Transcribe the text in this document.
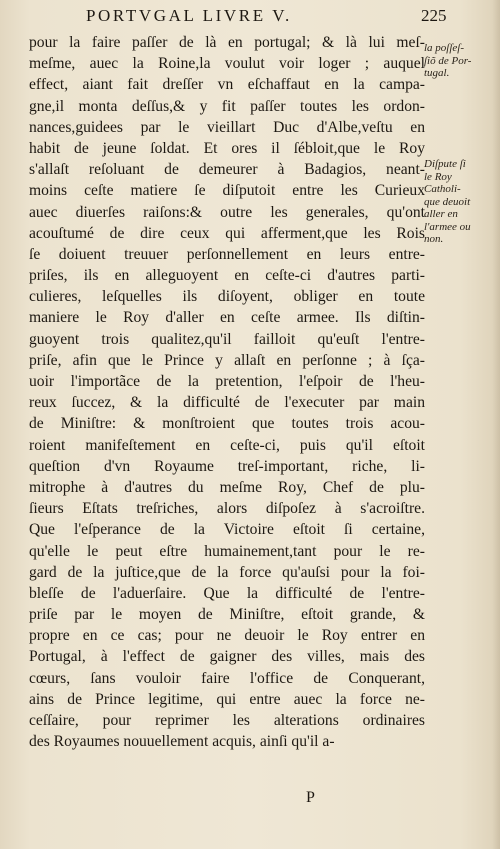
PORTVGAL LIVRE V.	225
pour la faire paſſer de là en portugal; & là lui meſ-
meſme, auec la Roine,la voulut voir loger ; auquel
effect, aiant fait dreſſer vn eſchaffaut en la campa-
gne,il monta deſſus,& y fit paſſer toutes les ordon-
nances,guidees par le vieillart Duc d'Albe,veſtu en
habit de jeune ſoldat. Et ores il ſébloit,que le Roy
s'allaſt reſoluant de demeurer à Badagios, neant-
moins ceſte matiere ſe diſputoit entre les Curieux
auec diuerſes raiſons:& outre les generales, qu'ont
acouſtumé de dire ceux qui afferment,que les Rois
ſe doiuent treuuer perſonnellement en leurs entre-
priſes, ils en alleguoyent en ceſte-ci d'autres parti-
culieres, leſquelles ils diſoyent, obliger en toute
maniere le Roy d'aller en ceſte armee. Ils diſtin-
guoyent trois qualitez,qu'il failloit qu'euſt l'entre-
priſe, afin que le Prince y allaſt en perſonne ; à ſça-
uoir l'importãce de la pretention, l'eſpoir de l'heu-
reux ſuccez, & la difficulté de l'executer par main
de Miniſtre: & monſtroient que toutes trois acou-
roient manifeſtement en ceſte-ci, puis qu'il eſtoit
queſtion d'vn Royaume treſ-important, riche, li-
mitrophe à d'autres du meſme Roy, Chef de plu-
ſieurs Eſtats treſriches, alors diſpoſez à s'acroiſtre.
Que l'eſperance de la Victoire eſtoit ſi certaine,
qu'elle le peut eſtre humainement,tant pour le re-
gard de la juſtice,que de la force qu'auſsi pour la foi-
bleſſe de l'aduerſaire. Que la difficulté de l'entre-
priſe par le moyen de Miniſtre, eſtoit grande, &
propre en ce cas; pour ne deuoir le Roy entrer en
Portugal, à l'effect de gaigner des villes, mais des
cœurs, ſans vouloir faire l'office de Conquerant,
ains de Prince legitime, qui entre auec la force ne-
ceſſaire, pour reprimer les alterations ordinaires
des Royaumes nouuellement acquis, ainſi qu'il a-
la poſſeſ-
ſiõ de Por-
tugal.
Diſpute ſi
le Roy
Catholi-
que deuoit
aller en
l'armee ou
non.
P
